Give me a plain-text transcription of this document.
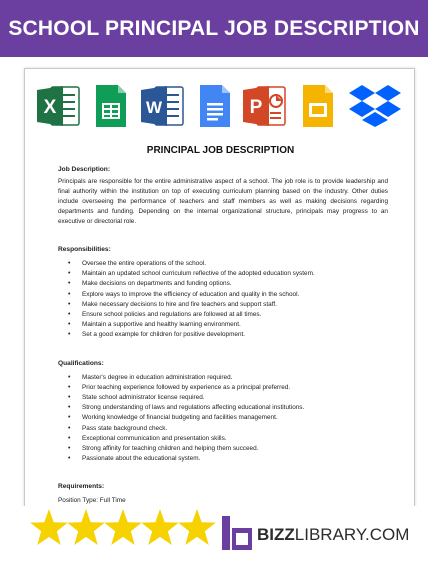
SCHOOL PRINCIPAL JOB DESCRIPTION
X	W	P
PRINCIPAL JOB DESCRIPTION
Job Description:
Principals are responsible for the entire administrative aspect of a school. The job role is to provide leadership and final authority within the institution on top of executing curriculum planning based on the industry. Other duties include overseeing the performance of teachers and staff members as well as making decisions regarding departments and funding. Depending on the internal organizational structure, principals may progress to an executive or directorial role.
Responsibilities:
• Oversee the entire operations of the school.
• Maintain an updated school curriculum reflective of the adopted education system.
• Make decisions on departments and funding options.
• Explore ways to improve the efficiency of education and quality in the school.
• Make necessary decisions to hire and fire teachers and support staff.
• Ensure school policies and regulations are followed at all times.
• Maintain a supportive and healthy learning environment.
• Set a good example for children for positive development.
Qualifications:
• Master's degree in education administration required.
• Prior teaching experience followed by experience as a principal preferred.
• State school administrator license required.
• Strong understanding of laws and regulations affecting educational institutions.
• Working knowledge of financial budgeting and facilities management.
• Pass state background check.
• Exceptional communication and presentation skills.
• Strong affinity for teaching children and helping them succeed.
• Passionate about the educational system.
Requirements:
Position Type: Full Time
BIZZLIBRARY.COM
